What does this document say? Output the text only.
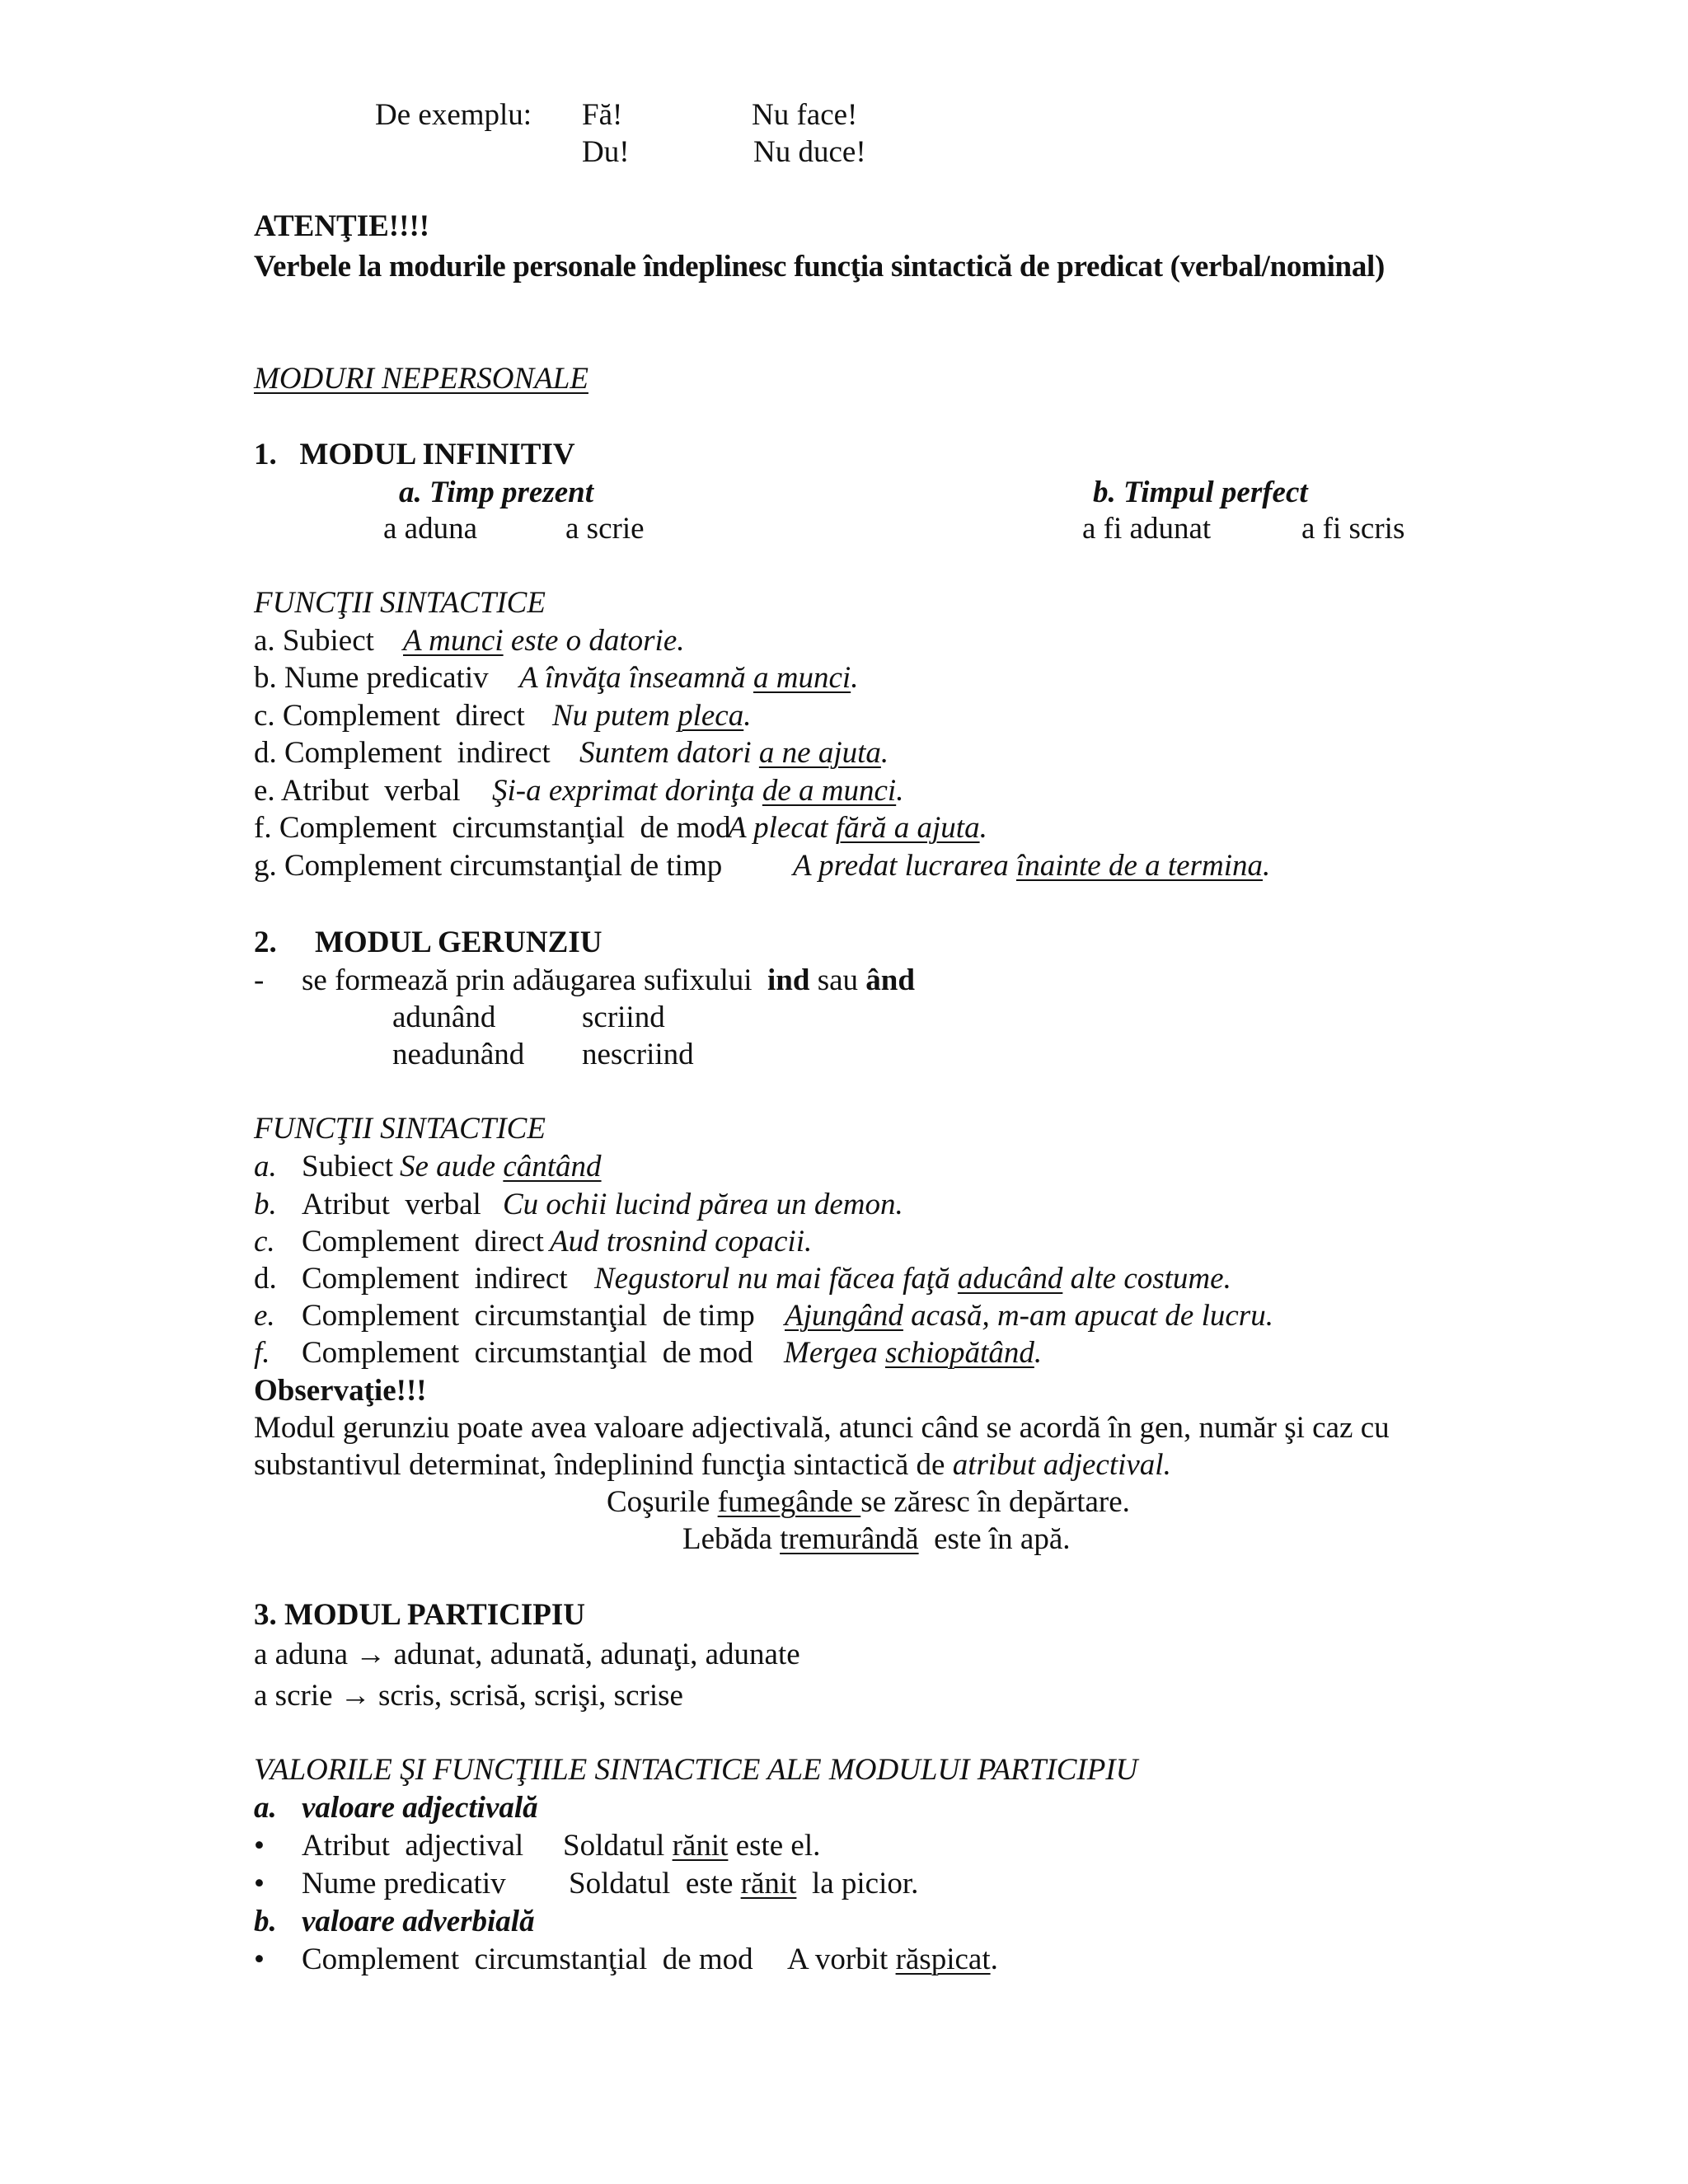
De exemplu: Fă!	Nu face!
Du!	Nu duce!
ATENŢIE!!!!
Verbele la modurile personale îndeplinesc funcţia sintactică de predicat (verbal/nominal)
MODURI NEPERSONALE
1.   MODUL INFINITIV
a. Timp prezent	b. Timpul perfect
a aduna	a scrie	a fi adunat	a fi scris
FUNCŢII SINTACTICE
a. Subiect A munci este o datorie.
b. Nume predicativ A învăţa înseamnă a munci.
c. Complement  direct Nu putem pleca.
d. Complement  indirect Suntem datori a ne ajuta.
e. Atribut  verbal Şi-a exprimat dorinţa de a munci.
f. Complement  circumstanţial  de mod
A plecat fără a ajuta.
g. Complement circumstanţial de timp A predat lucrarea înainte de a termina.
2.     MODUL GERUNZIU
- se formează prin adăugarea sufixului ind sau ând
adunând	scriind
neadunând nescriind
FUNCŢII SINTACTICE
a. Subiect Se aude cântând
b. Atribut  verbal Cu ochii lucind părea un demon.
c. Complement  direct Aud trosnind copacii.
d. Complement  indirect Negustorul nu mai făcea faţă aducând alte costume.
e. Complement  circumstanţial  de timp Ajungând acasă, m-am apucat de lucru.
f. Complement  circumstanţial  de mod Mergea schiopătând.
Observaţie!!!
Modul gerunziu poate avea valoare adjectivală, atunci când se acordă în gen, număr şi caz cu
substantivul determinat, îndeplinind funcţia sintactică de atribut adjectival.
Coşurile fumegânde se zăresc în depărtare.
Lebăda tremurândă  este în apă.
3. MODUL PARTICIPIU
a aduna → adunat, adunată, adunaţi, adunate
a scrie → scris, scrisă, scrişi, scrise
VALORILE ŞI FUNCŢIILE SINTACTICE ALE MODULUI PARTICIPIU
a. valoare adjectivală
• Atribut  adjectival Soldatul rănit este el.
• Nume predicativ Soldatul  este rănit  la picior.
b. valoare adverbială
• Complement  circumstanţial  de mod A vorbit răspicat.
